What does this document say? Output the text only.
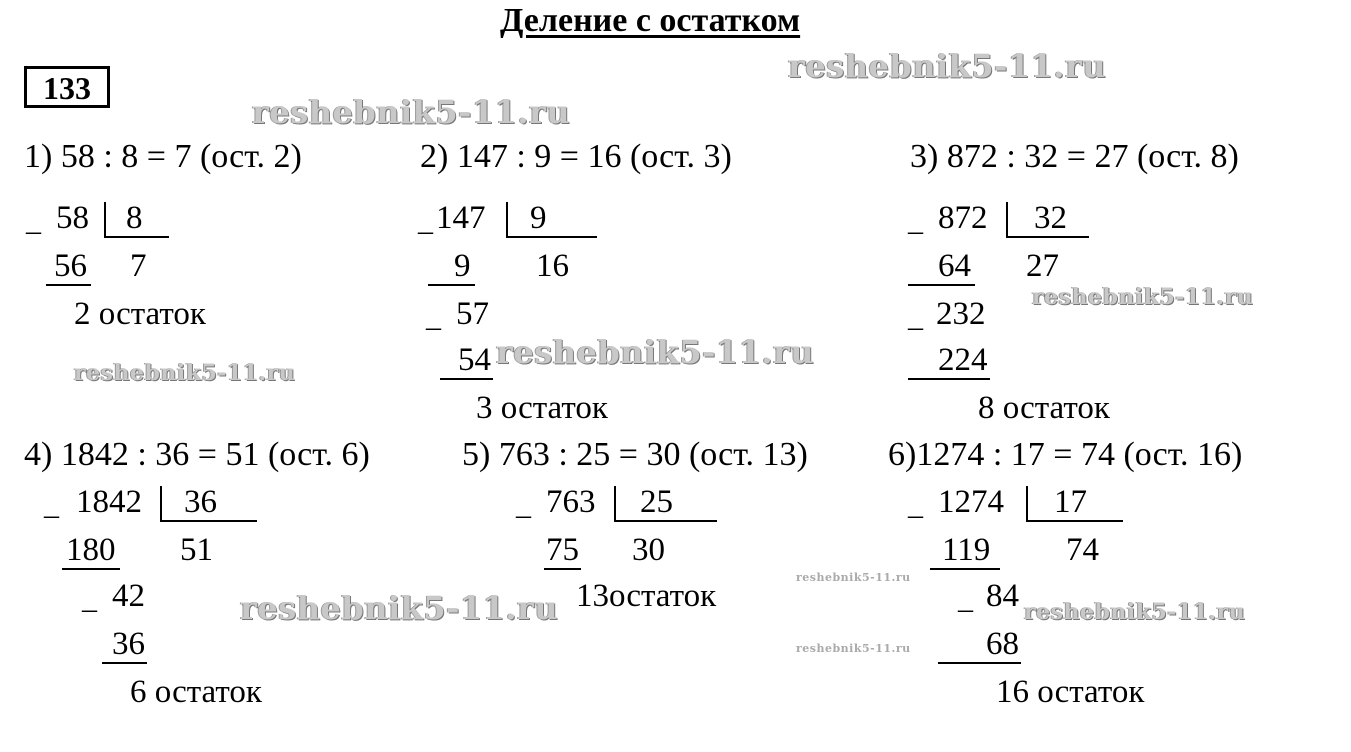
Деление с остатком
133
reshebnik5-11.ru
reshebnik5-11.ru
reshebnik5-11.ru
reshebnik5-11.ru
reshebnik5-11.ru
reshebnik5-11.ru	reshebnik5-11.ru
reshebnik5-11.ru
reshebnik5-11.ru
1) 58 : 8 = 7 (ост. 2)
_ 58	8
56 7
2 остаток
2) 147 : 9 = 16 (ост. 3)
_ 147	9
9 16
_ 57
54
3 остаток
3) 872 : 32 = 27 (ост. 8)
_ 872	32
64 27
_ 232
224
8 остаток
4) 1842 : 36 = 51 (ост. 6)
_ 1842	36
180 51
_ 42
36
6 остаток
5) 763 : 25 = 30 (ост. 13)
_ 763	25
75 30
13остаток
6)1274 : 17 = 74 (ост. 16)
_ 1274	17
119	74
_ 84
68
16 остаток
